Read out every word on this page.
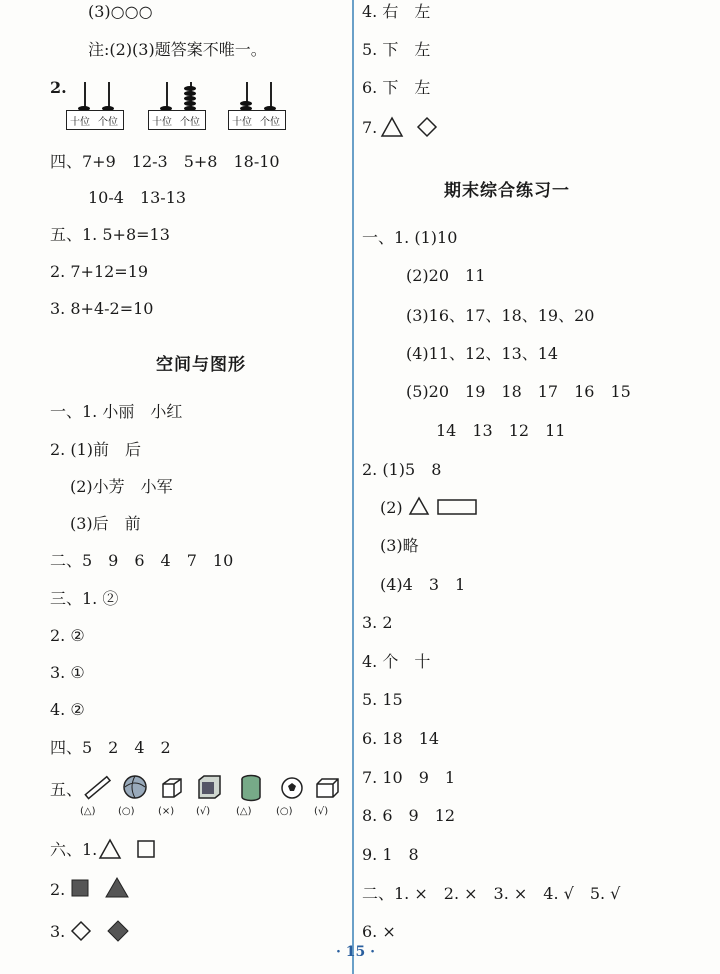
(3)○○○
注:(2)(3)题答案不唯一。
2.
十位 个位	十位 个位	十位 个位
四、7+9　12-3　5+8　18-10
10-4　13-13
五、1. 5+8=13
2. 7+12=19
3. 8+4-2=10
空间与图形
一、1. 小丽　小红
2. (1)前　后
(2)小芳　小军
(3)后　前
二、5　9　6　4　7　10
三、1. ②
2. ②
3. ①
4. ②
四、5　2　4　2
五、
(△) (○) (×) (√)	(△) (○) (√)
六、1.
2.
3.
4. 右　左
5. 下　左
6. 下　左
7.
期末综合练习一
一、1. (1)10
(2)20　11
(3)16、17、18、19、20
(4)11、12、13、14
(5)20　19　18　17　16　15
14　13　12　11
2. (1)5　8
(2)
(3)略
(4)4　3　1
3. 2
4. 个　十
5. 15
6. 18　14
7. 10　9　1
8. 6　9　12
9. 1　8
二、1. ×　2. ×　3. ×　4. √　5. √
6. ×
· 15 ·
